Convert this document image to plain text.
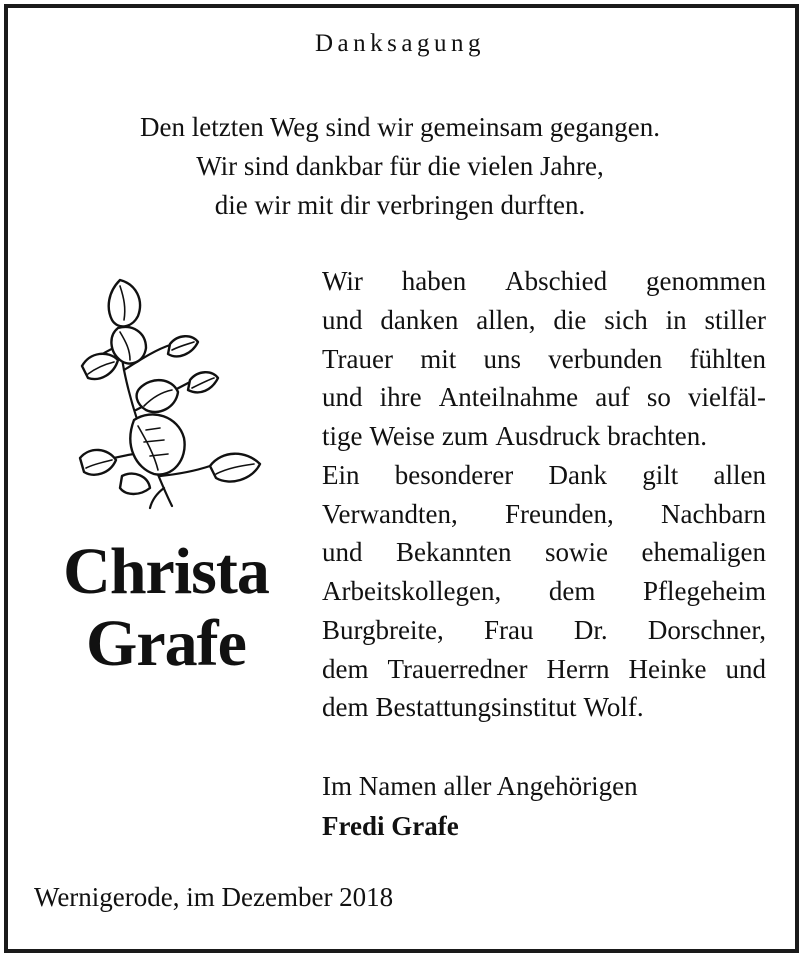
Danksagung
Den letzten Weg sind wir gemeinsam gegangen.
Wir sind dankbar für die vielen Jahre,
die wir mit dir verbringen durften.
Christa
Grafe
Wir haben Abschied genommen
und danken allen, die sich in stiller
Trauer mit uns verbunden fühlten
und ihre Anteilnahme auf so vielfäl-
tige Weise zum Ausdruck brachten.
Ein besonderer Dank gilt allen
Verwandten, Freunden, Nachbarn
und Bekannten sowie ehemaligen
Arbeitskollegen, dem Pflegeheim
Burgbreite, Frau Dr. Dorschner,
dem Trauerredner Herrn Heinke und
dem Bestattungsinstitut Wolf.
Im Namen aller Angehörigen
Fredi Grafe
Wernigerode, im Dezember 2018
